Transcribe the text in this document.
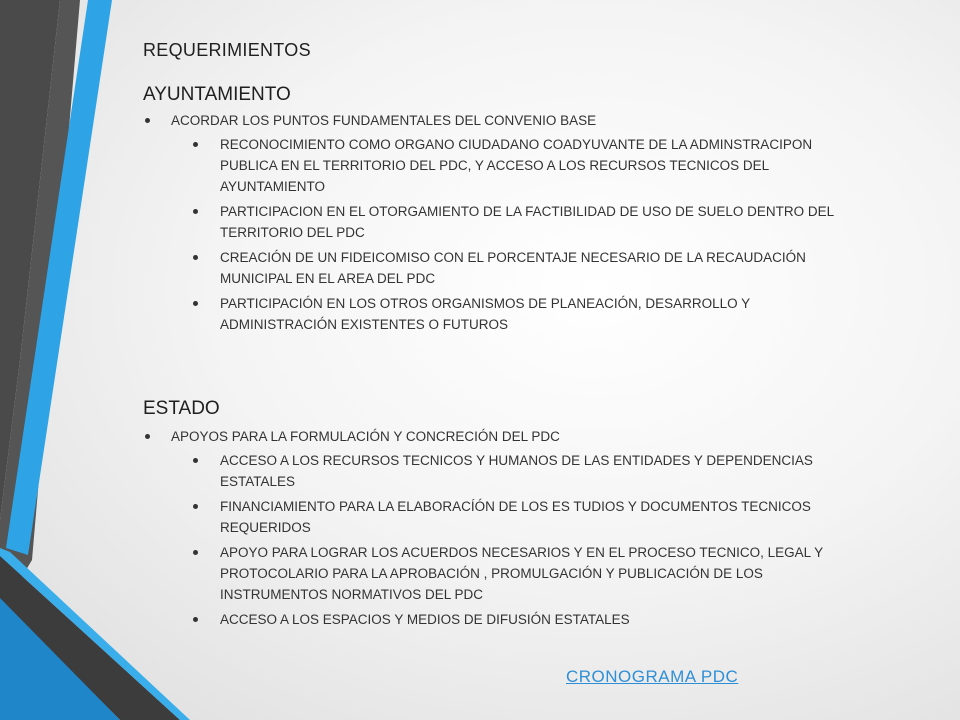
REQUERIMIENTOS
AYUNTAMIENTO
ACORDAR LOS PUNTOS FUNDAMENTALES DEL CONVENIO BASE
RECONOCIMIENTO COMO ORGANO CIUDADANO COADYUVANTE DE LA ADMINSTRACIPON PUBLICA EN EL TERRITORIO DEL PDC, Y ACCESO A LOS RECURSOS TECNICOS DEL AYUNTAMIENTO
PARTICIPACION EN EL OTORGAMIENTO DE LA FACTIBILIDAD DE USO DE SUELO DENTRO DEL TERRITORIO DEL PDC
CREACIÓN DE UN FIDEICOMISO CON EL PORCENTAJE NECESARIO DE LA RECAUDACIÓN MUNICIPAL EN EL AREA DEL PDC
PARTICIPACIÓN EN LOS OTROS ORGANISMOS DE PLANEACIÓN, DESARROLLO Y ADMINISTRACIÓN EXISTENTES O FUTUROS
ESTADO
APOYOS PARA LA FORMULACIÓN Y CONCRECIÓN DEL PDC
ACCESO A LOS RECURSOS TECNICOS Y HUMANOS DE LAS ENTIDADES Y DEPENDENCIAS ESTATALES
FINANCIAMIENTO PARA LA ELABORACÍÓN DE LOS ES TUDIOS Y DOCUMENTOS TECNICOS REQUERIDOS
APOYO PARA LOGRAR LOS ACUERDOS NECESARIOS Y EN EL PROCESO TECNICO, LEGAL Y PROTOCOLARIO PARA LA APROBACIÓN , PROMULGACIÓN Y PUBLICACIÓN DE LOS INSTRUMENTOS NORMATIVOS DEL PDC
ACCESO A LOS ESPACIOS Y MEDIOS DE DIFUSIÓN ESTATALES
CRONOGRAMA PDC
